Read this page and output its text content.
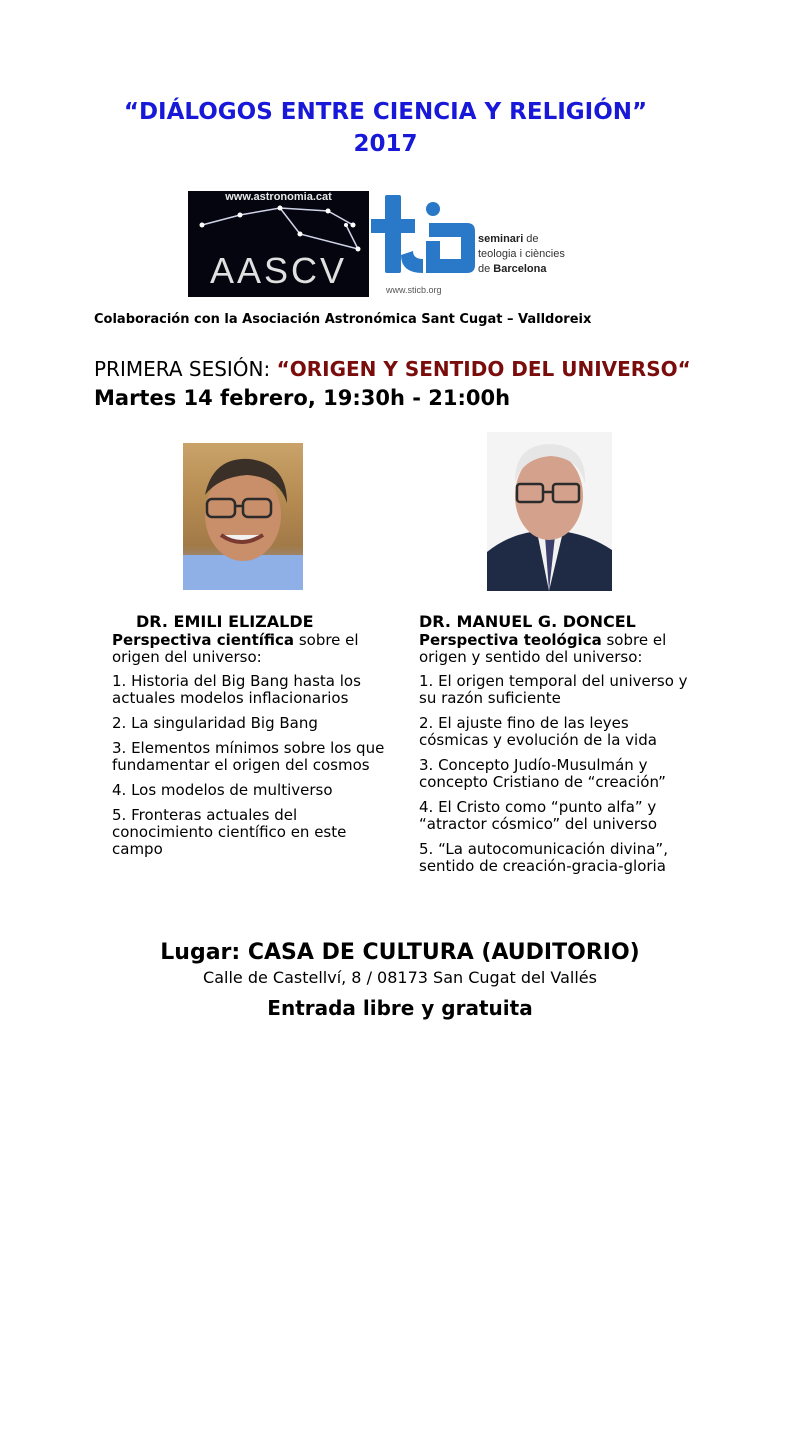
“DIÁLOGOS ENTRE CIENCIA Y RELIGIÓN”
2017
www.astronomia.cat
AASCV
seminari de
teologia i ciències
de Barcelona
www.sticb.org
Colaboración con la Asociación Astronómica Sant Cugat – Valldoreix
PRIMERA SESIÓN: “ORIGEN Y SENTIDO DEL UNIVERSO“
Martes 14 febrero, 19:30h - 21:00h
DR. EMILI ELIZALDE
Perspectiva científica sobre el origen del universo:
1. Historia del Big Bang hasta los actuales modelos inflacionarios
2. La singularidad Big Bang
3. Elementos mínimos sobre los que fundamentar el origen del cosmos
4. Los modelos de multiverso
5. Fronteras actuales del conocimiento científico en este campo
DR. MANUEL G. DONCEL
Perspectiva teológica sobre el origen y sentido del universo:
1. El origen temporal del universo y su razón suficiente
2. El ajuste fino de las leyes cósmicas y evolución de la vida
3. Concepto Judío-Musulmán y concepto Cristiano de “creación”
4. El Cristo como “punto alfa” y “atractor cósmico” del universo
5. “La autocomunicación divina”, sentido de creación-gracia-gloria
Lugar: CASA DE CULTURA (AUDITORIO)
Calle de Castellví, 8 / 08173 San Cugat del Vallés
Entrada libre y gratuita
